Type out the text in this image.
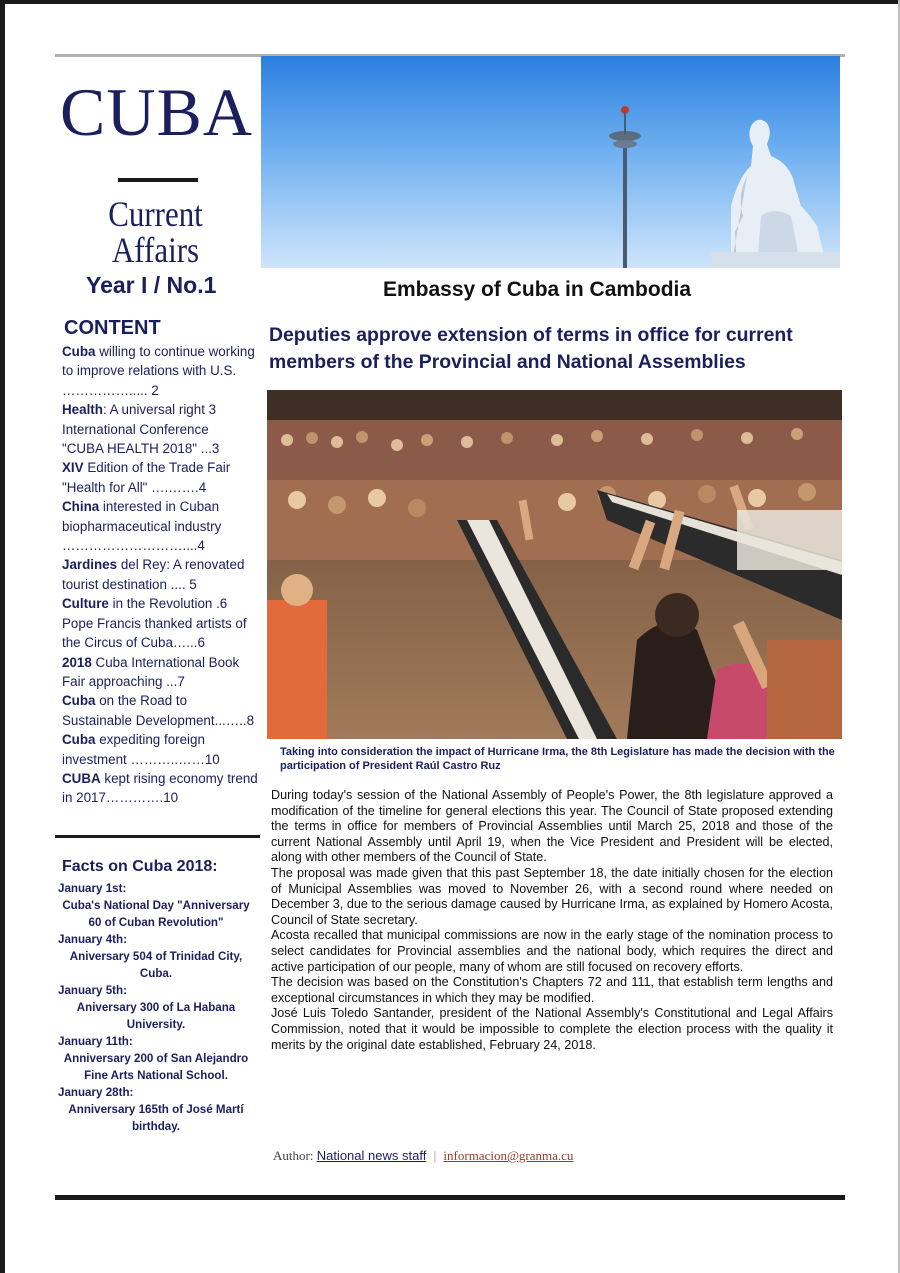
CUBA
Current Affairs
Year I / No.1	Embassy of Cuba in Cambodia
CONTENT

Cuba willing to continue working to improve relations with U.S. ……………..... 2

Health: A universal right 3

International Conference

"CUBA HEALTH 2018" ...3

XIV Edition of the Trade Fair "Health for All" ….…….4

China interested in Cuban biopharmaceutical industry ………………………....4

Jardines del Rey: A renovated tourist destination .... 5

Culture in the Revolution .6

Pope Francis thanked artists of the Circus of Cuba…...6

2018 Cuba International Book Fair approaching ...7

Cuba on the Road to Sustainable Development...…..8

Cuba expediting foreign investment ………..……10

CUBA kept rising economy trend in 2017………….10

Facts on Cuba 2018:
January 1st:
Cuba's National Day "Anniversary 60 of Cuban Revolution"
January 4th:
Aniversary 504 of Trinidad City, Cuba.
January 5th:
Aniversary 300 of La Habana University.
January 11th:
Anniversary 200 of San Alejandro Fine Arts National School.
January 28th:
Anniversary 165th of José Martí birthday.
Deputies approve extension of terms in office for current members of the Provincial and National Assemblies
Taking into consideration the impact of Hurricane Irma, the 8th Legislature has made the decision with the participation of President Raúl Castro Ruz

During today's session of the National Assembly of People's Power, the 8th legislature approved a modification of the timeline for general elections this year. The Council of State proposed extending the terms in office for members of Provincial Assemblies until March 25, 2018 and those of the current National Assembly until April 19, when the Vice President and President will be elected, along with other members of the Council of State.

The proposal was made given that this past September 18, the date initially chosen for the election of Municipal Assemblies was moved to November 26, with a second round where needed on December 3, due to the serious damage caused by Hurricane Irma, as explained by Homero Acosta, Council of State secretary.

Acosta recalled that municipal commissions are now in the early stage of the nomination process to select candidates for Provincial assemblies and the national body, which requires the direct and active participation of our people, many of whom are still focused on recovery efforts.

The decision was based on the Constitution's Chapters 72 and 111, that establish term lengths and exceptional circumstances in which they may be modified.

José Luis Toledo Santander, president of the National Assembly's Constitutional and Legal Affairs Commission, noted that it would be impossible to complete the election process with the quality it merits by the original date established, February 24, 2018.

Author: National news staff | informacion@granma.cu
